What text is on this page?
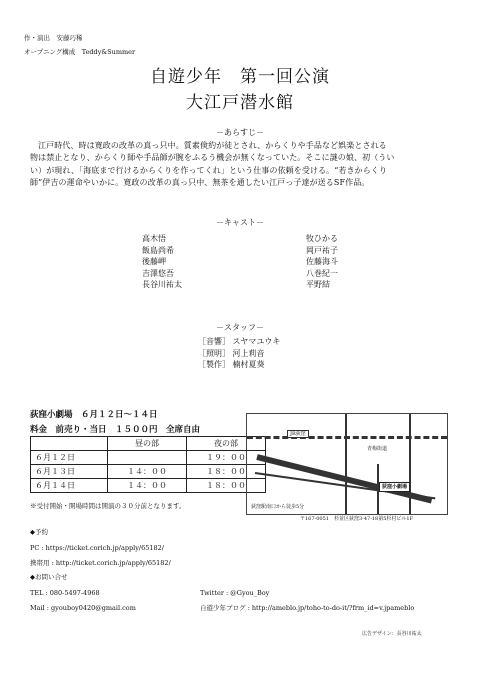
作・演出　安藤巧稀
オープニング構成　Teddy&Summer
自遊少年　第一回公演
大江戸潜水館
－あらすじ－
江戸時代、時は寛政の改革の真っ只中。質素倹約が徒とされ、からくりや手品など娯楽とされる
物は禁止となり、からくり師や手品師が腕をふるう機会が無くなっていた。そこに謎の娘、初（うい
い）が現れ、「海底まで行けるからくりを作ってくれ」という仕事の依頼を受ける。“若きからくり
師”伊吉の運命やいかに。寛政の改革の真っ只中、無茶を通したい江戸っ子達が送るSF作品。
－キャスト－
高木悟
飯島尚希
後藤岬
吉澤悠吾
長谷川祐太
牧ひかる
岡戸祐子
佐藤海斗
八巻紀一
平野結
－スタッフ－
［音響］ スヤマユウキ
［照明］ 河上莉音
［製作］ 楠村夏葵
荻窪小劇場　６月１２日～１４日
料金　前売り・当日　１５００円　全席自由
	昼の部	夜の部
６月１２日		１９：００
６月１３日	１４：００	１８：００
６月１４日	１４：００	１８：００
※受付開始・開場時間は開演の３０分前となります。
JR荻窪
青梅街道
荻窪小劇場
荻窪駅南口から徒歩5分
〒167-0051　杉並区荻窪3-47-18第5杉村ビル1F
◆予約
PC : https://ticket.corich.jp/apply/65182/
携帯用 : http://ticket.corich.jp/apply/65182/
◆お問い合せ
TEL : 080-5497-4968
Mail : gyouboy0420@gmail.com
Twitter : @Gyou_Boy
自遊少年ブログ : http://ameblo.jp/toho-to-do-it/?frm_id=v.jpameblo
広告デザイン：長谷川祐太
